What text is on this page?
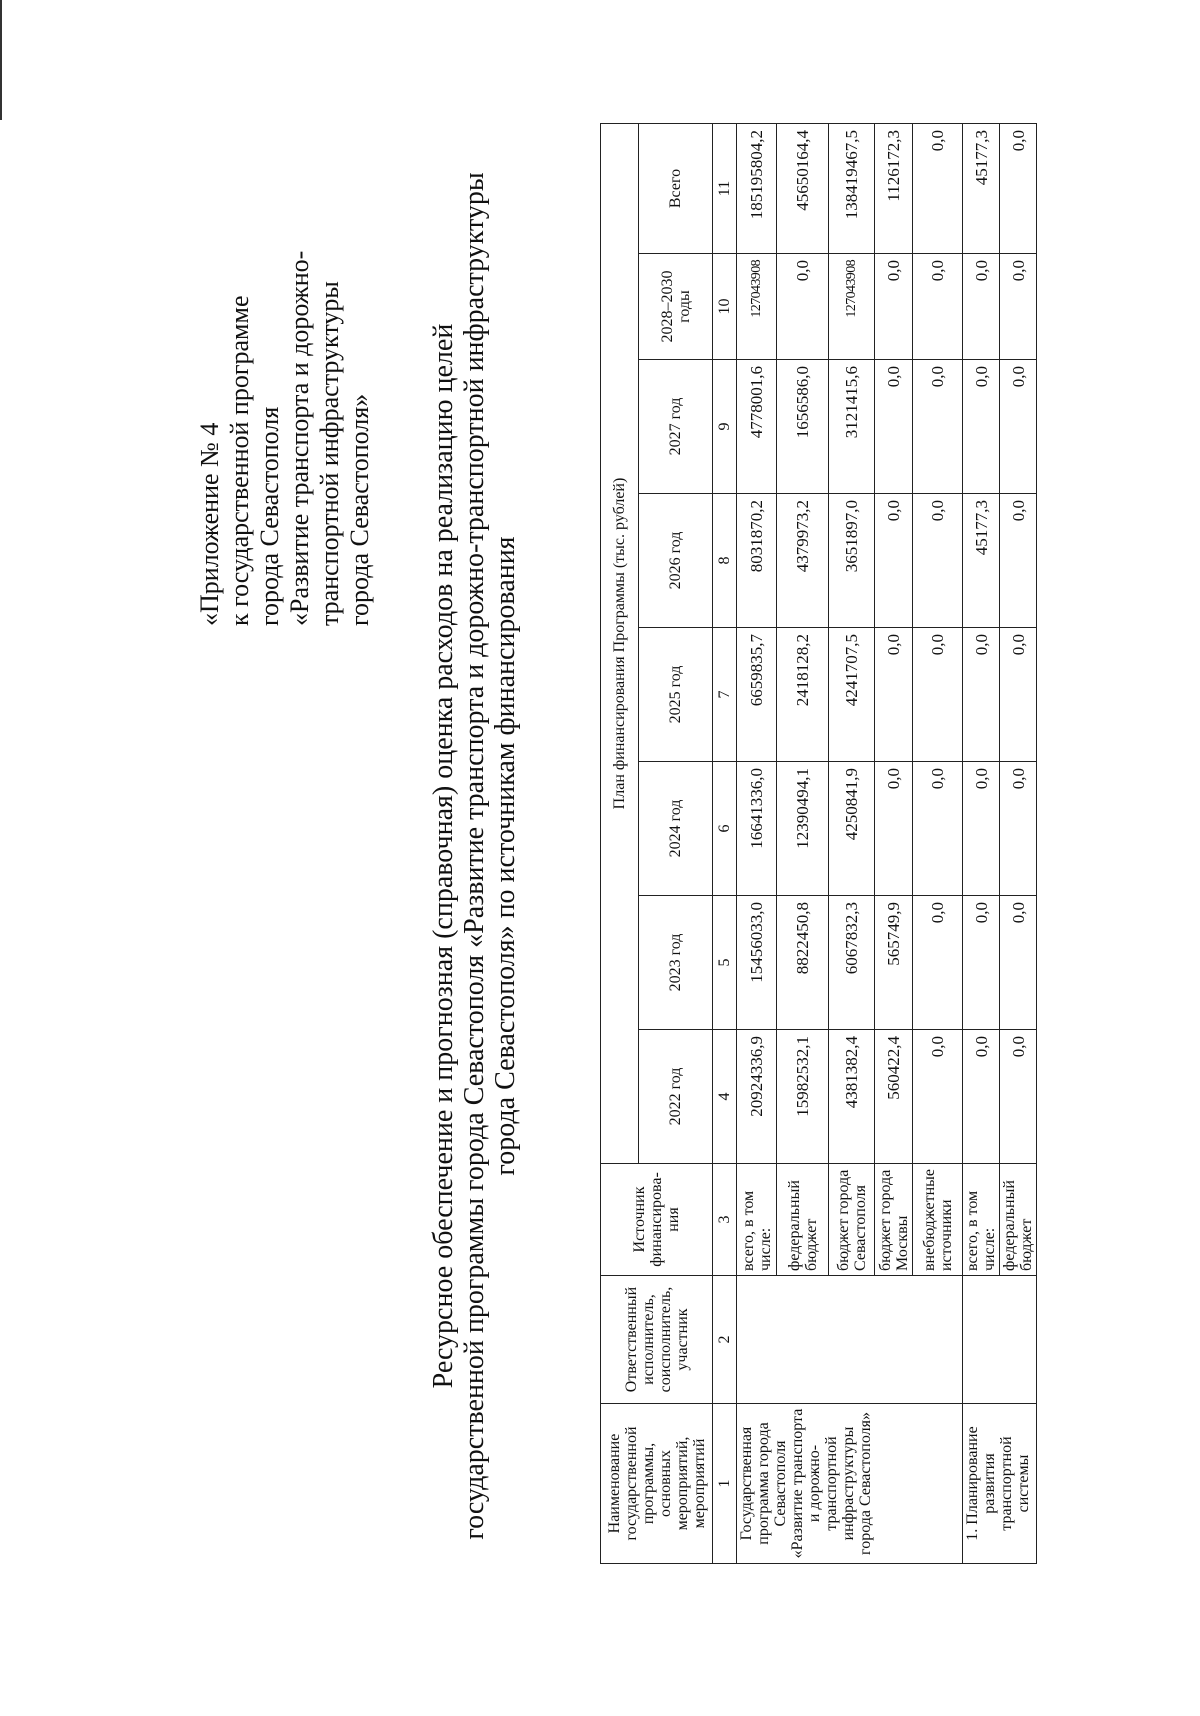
«Приложение № 4 к государственной программе города Севастополя «Развитие транспорта и дорожно- транспортной инфраструктуры города Севастополя» Ресурсное обеспечение и прогнозная (справочная) оценка расходов на реализацию целей государственной программы города Севастополя «Развитие транспорта и дорожно-транспортной инфраструктуры города Севастополя» по источникам финансирования
Наименование государственной программы, основных мероприятий, мероприятий	Ответственный исполнитель, соисполнитель, участник	Источник финансирова-ния	План финансирования Программы (тыс. рублей)							
			2022 год	2023 год	2024 год	2025 год	2026 год	2027 год	2028–2030 годы	Всего
1	2	3	4	5	6	7	8	9	10	11
Государственная программа города Севастополя «Развитие транспорта и дорожно-транспортной инфраструктуры города Севастополя»		всего, в том числе:	20924336,9	15456033,0	16641336,0	6659835,7	8031870,2	4778001,6	127043908	185195804,2
		федеральный бюджет	15982532,1	8822450,8	12390494,1	2418128,2	4379973,2	1656586,0	0,0	45650164,4
		бюджет города Севастополя	4381382,4	6067832,3	4250841,9	4241707,5	3651897,0	3121415,6	127043908	138419467,5
		бюджет города Москвы	560422,4	565749,9	0,0	0,0	0,0	0,0	0,0	1126172,3
		внебюджетные источники	0,0	0,0	0,0	0,0	0,0	0,0	0,0	0,0
1. Планирование развития транспортной системы		всего, в том числе:	0,0	0,0	0,0	0,0	45177,3	0,0	0,0	45177,3
		федеральный бюджет	0,0	0,0	0,0	0,0	0,0	0,0	0,0	0,0
